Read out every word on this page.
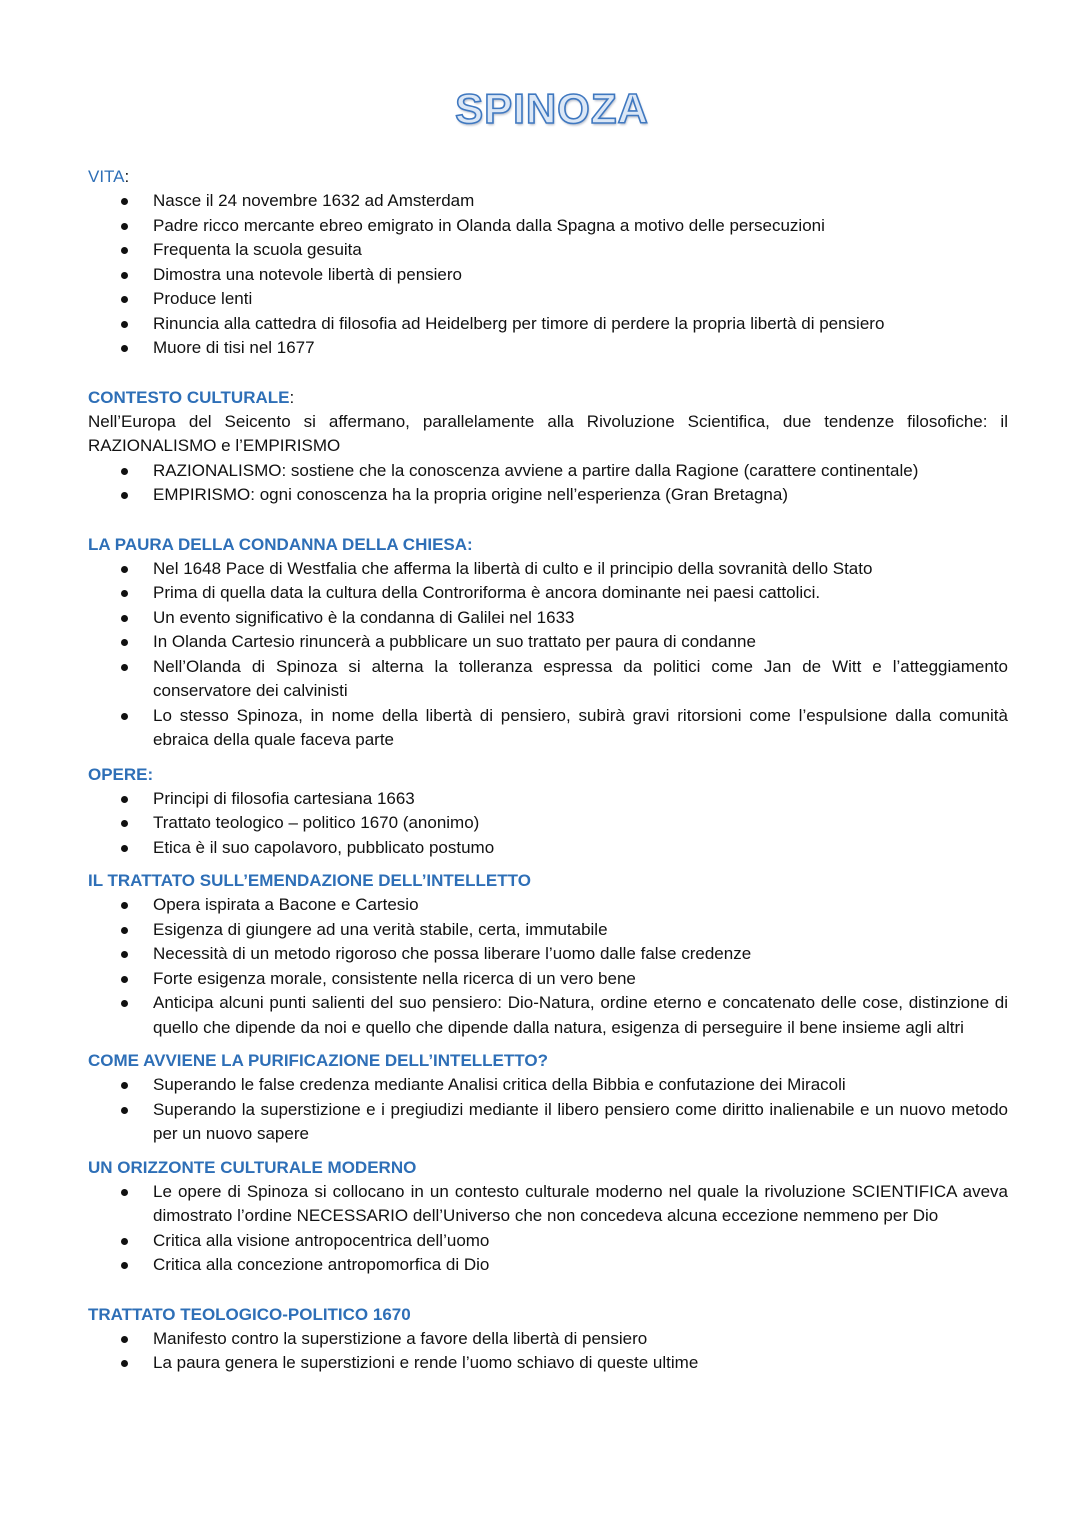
SPINOZA

VITA:

Nasce il 24 novembre 1632 ad Amsterdam
Padre ricco mercante ebreo emigrato in Olanda dalla Spagna a motivo delle persecuzioni
Frequenta la scuola gesuita
Dimostra una notevole libertà di pensiero
Produce lenti
Rinuncia alla cattedra di filosofia ad Heidelberg per timore di perdere la propria libertà di pensiero
Muore di tisi nel 1677

CONTESTO CULTURALE:

Nell’Europa del Seicento si affermano, parallelamente alla Rivoluzione Scientifica, due tendenze filosofiche: il RAZIONALISMO e l’EMPIRISMO

RAZIONALISMO: sostiene che la conoscenza avviene a partire dalla Ragione (carattere continentale)
EMPIRISMO: ogni conoscenza ha la propria origine nell’esperienza (Gran Bretagna)

LA PAURA DELLA CONDANNA DELLA CHIESA:

Nel 1648 Pace di Westfalia che afferma la libertà di culto e il principio della sovranità dello Stato
Prima di quella data la cultura della Controriforma è ancora dominante nei paesi cattolici.
Un evento significativo è la condanna di Galilei nel 1633
In Olanda Cartesio rinuncerà a pubblicare un suo trattato per paura di condanne
Nell’Olanda di Spinoza si alterna la tolleranza espressa da politici come Jan de Witt e l’atteggiamento conservatore dei calvinisti
Lo stesso Spinoza, in nome della libertà di pensiero, subirà gravi ritorsioni come l’espulsione dalla comunità ebraica della quale faceva parte

OPERE:

Principi di filosofia cartesiana 1663
Trattato teologico – politico 1670 (anonimo)
Etica è il suo capolavoro, pubblicato postumo

IL TRATTATO SULL’EMENDAZIONE DELL’INTELLETTO

Opera ispirata a Bacone e Cartesio
Esigenza di giungere ad una verità stabile, certa, immutabile
Necessità di un metodo rigoroso che possa liberare l’uomo dalle false credenze
Forte esigenza morale, consistente nella ricerca di un vero bene
Anticipa alcuni punti salienti del suo pensiero: Dio-Natura, ordine eterno e concatenato delle cose, distinzione di quello che dipende da noi e quello che dipende dalla natura, esigenza di perseguire il bene insieme agli altri

COME AVVIENE LA PURIFICAZIONE DELL’INTELLETTO?

Superando le false credenza mediante Analisi critica della Bibbia e confutazione dei Miracoli
Superando la superstizione e i pregiudizi mediante il libero pensiero come diritto inalienabile e un nuovo metodo per un nuovo sapere

UN ORIZZONTE CULTURALE MODERNO

Le opere di Spinoza si collocano in un contesto culturale moderno nel quale la rivoluzione SCIENTIFICA aveva dimostrato l’ordine NECESSARIO dell’Universo che non concedeva alcuna eccezione nemmeno per Dio
Critica alla visione antropocentrica dell’uomo
Critica alla concezione antropomorfica di Dio

TRATTATO TEOLOGICO-POLITICO 1670

Manifesto contro la superstizione a favore della libertà di pensiero
La paura genera le superstizioni e rende l’uomo schiavo di queste ultime
